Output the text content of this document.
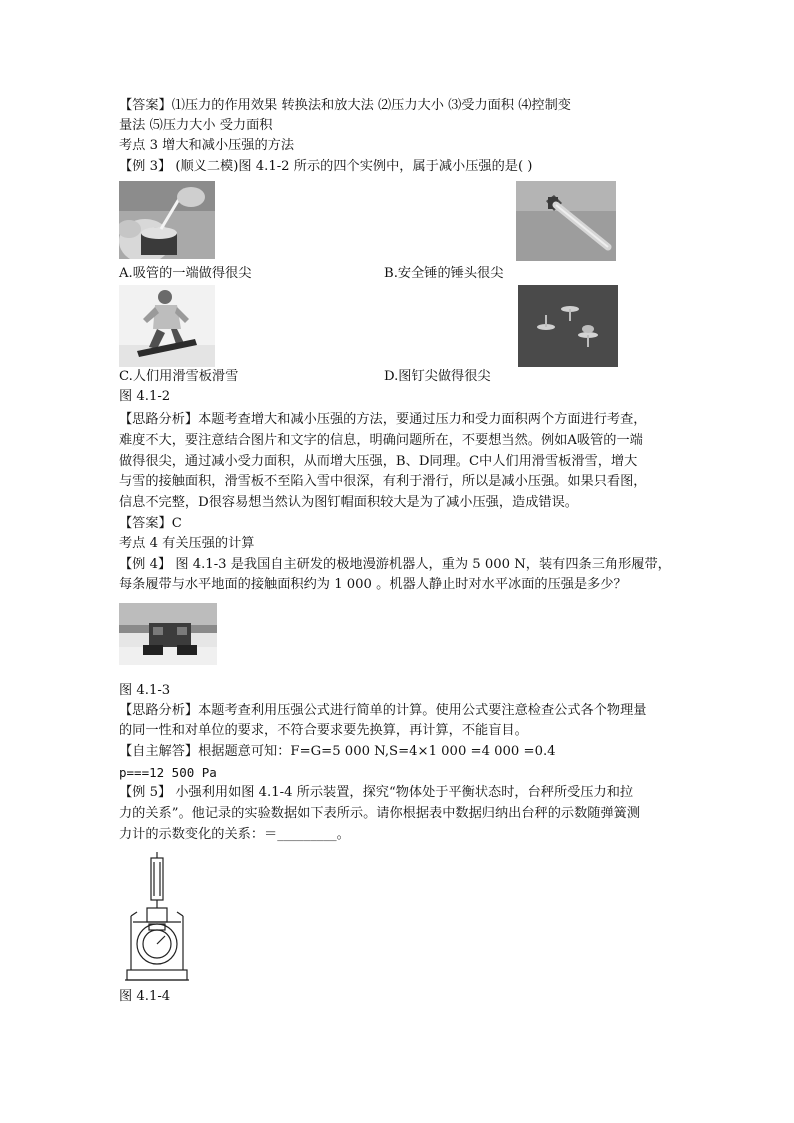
【答案】⑴压力的作用效果 转换法和放大法 ⑵压力大小 ⑶受力面积 ⑷控制变
量法 ⑸压力大小 受力面积
考点 3 增大和减小压强的方法
【例 3】 (顺义二模)图 4.1-2 所示的四个实例中，属于减小压强的是( )
A.吸管的一端做得很尖	B.安全锤的锤头很尖
C.人们用滑雪板滑雪	D.图钉尖做得很尖
图 4.1-2
【思路分析】本题考查增大和减小压强的方法，要通过压力和受力面积两个方面进行考查，
难度不大，要注意结合图片和文字的信息，明确问题所在，不要想当然。例如A吸管的一端
做得很尖，通过减小受力面积，从而增大压强，B、D同理。C中人们用滑雪板滑雪，增大
与雪的接触面积，滑雪板不至陷入雪中很深，有利于滑行，所以是减小压强。如果只看图，
信息不完整，D很容易想当然认为图钉帽面积较大是为了减小压强，造成错误。
【答案】C
考点 4 有关压强的计算
【例 4】 图 4.1-3 是我国自主研发的极地漫游机器人，重为 5 000 N，装有四条三角形履带，
每条履带与水平地面的接触面积约为 1 000 。机器人静止时对水平冰面的压强是多少？
图 4.1-3
【思路分析】本题考查利用压强公式进行简单的计算。使用公式要注意检查公式各个物理量
的同一性和对单位的要求，不符合要求要先换算，再计算，不能盲目。
【自主解答】根据题意可知：F=G=5 000 N,S=4×1 000 =4 000 =0.4
p===12 500 Pa
【例 5】 小强利用如图 4.1-4 所示装置，探究“物体处于平衡状态时，台秤所受压力和拉
力的关系”。他记录的实验数据如下表所示。请你根据表中数据归纳出台秤的示数随弹簧测
力计的示数变化的关系：＝_________。
图 4.1-4
